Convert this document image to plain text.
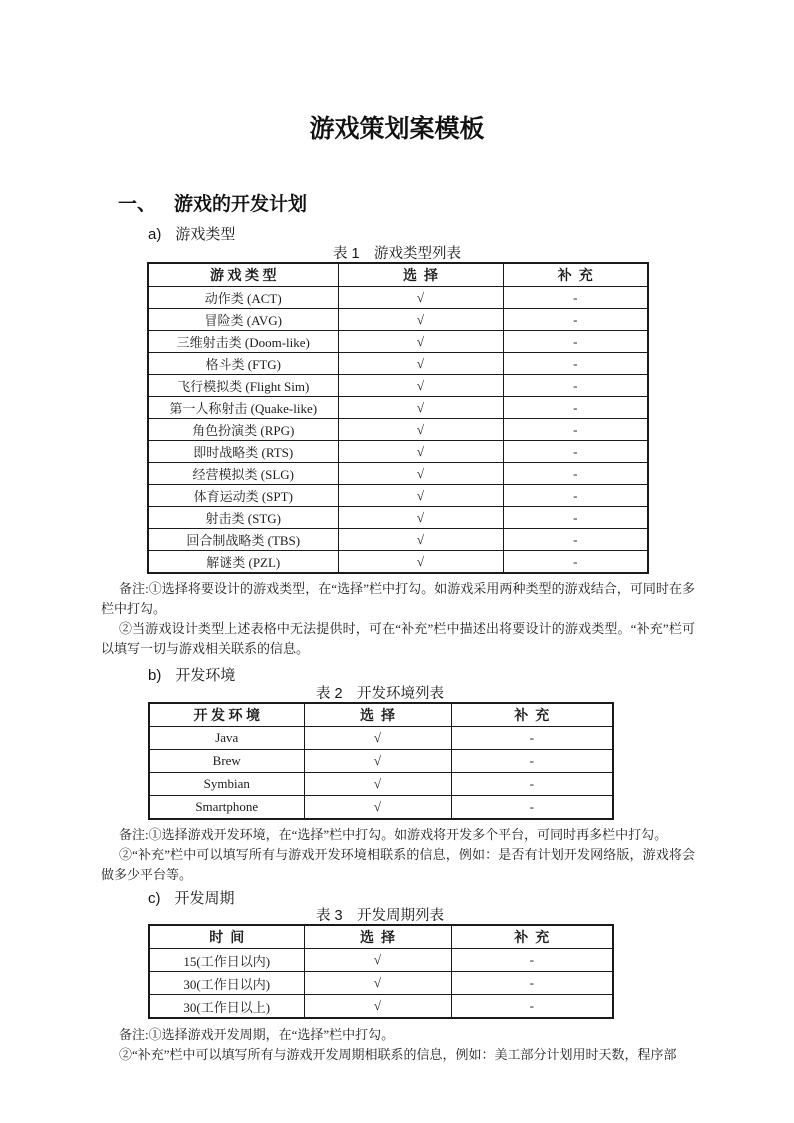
游戏策划案模板
一、 游戏的开发计划
a) 游戏类型
表 1　游戏类型列表
游 戏 类 型	选  择	补  充
动作类 (ACT)	√	-
冒险类 (AVG)	√	-
三维射击类 (Doom-like)	√	-
格斗类 (FTG)	√	-
飞行模拟类 (Flight Sim)	√	-
第一人称射击 (Quake-like)	√	-
角色扮演类 (RPG)	√	-
即时战略类 (RTS)	√	-
经营模拟类 (SLG)	√	-
体育运动类 (SPT)	√	-
射击类 (STG)	√	-
回合制战略类 (TBS)	√	-
解谜类 (PZL)	√	-

备注:①选择将要设计的游戏类型，在“选择”栏中打勾。如游戏采用两种类型的游戏结合，可同时在多栏中打勾。

②当游戏设计类型上述表格中无法提供时，可在“补充”栏中描述出将要设计的游戏类型。“补充”栏可以填写一切与游戏相关联系的信息。

b) 开发环境
表 2　开发环境列表
开 发 环 境	选  择	补  充
Java	√	-
Brew	√	-
Symbian	√	-
Smartphone	√	-

备注:①选择游戏开发环境，在“选择”栏中打勾。如游戏将开发多个平台，可同时再多栏中打勾。

②“补充”栏中可以填写所有与游戏开发环境相联系的信息，例如：是否有计划开发网络版，游戏将会做多少平台等。

c) 开发周期
表 3　开发周期列表
时  间	选  择	补  充
15(工作日以内)	√	-
30(工作日以内)	√	-
30(工作日以上)	√	-

备注:①选择游戏开发周期，在“选择”栏中打勾。

②“补充”栏中可以填写所有与游戏开发周期相联系的信息，例如：美工部分计划用时天数，程序部
